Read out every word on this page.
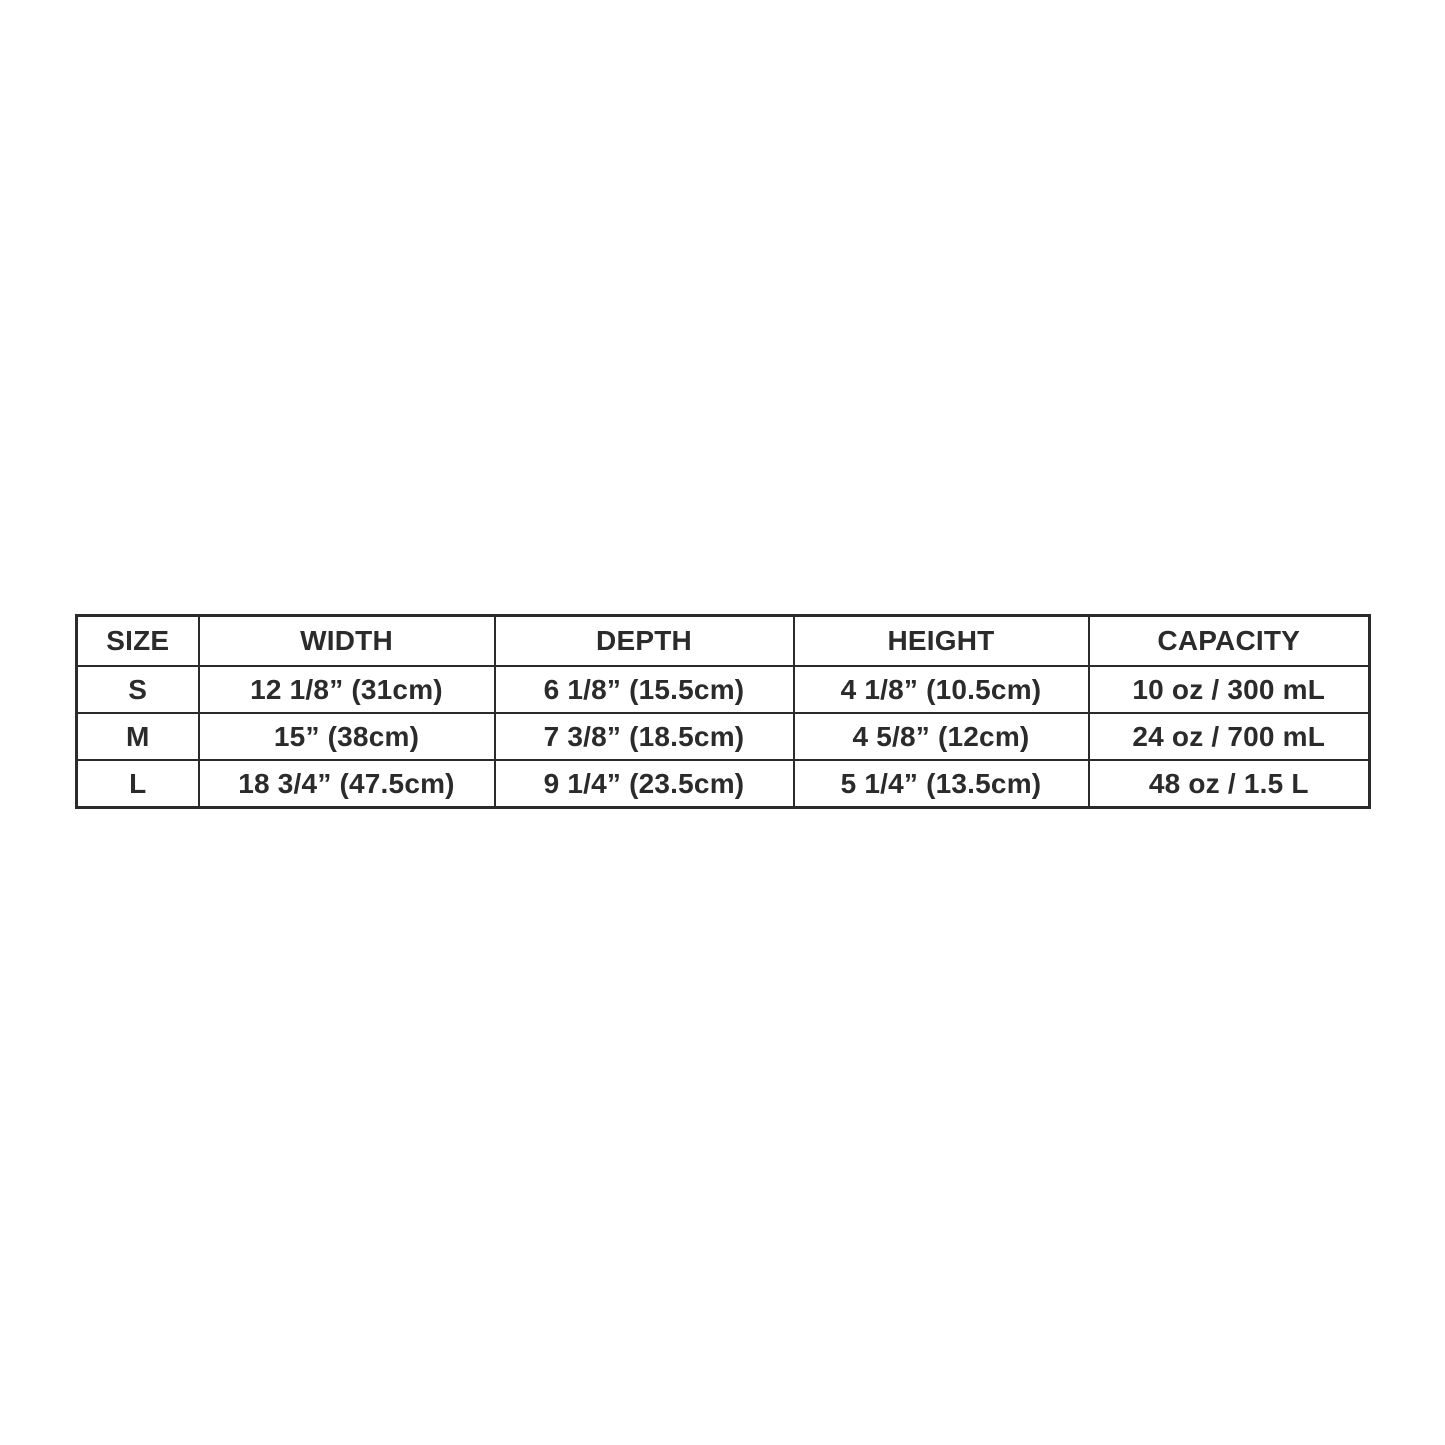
SIZE	WIDTH	DEPTH	HEIGHT	CAPACITY
S	12 1/8” (31cm)	6 1/8” (15.5cm)	4 1/8” (10.5cm)	10 oz / 300 mL
M	15” (38cm)	7 3/8” (18.5cm)	4 5/8” (12cm)	24 oz / 700 mL
L	18 3/4” (47.5cm)	9 1/4” (23.5cm)	5 1/4” (13.5cm)	48 oz / 1.5 L
